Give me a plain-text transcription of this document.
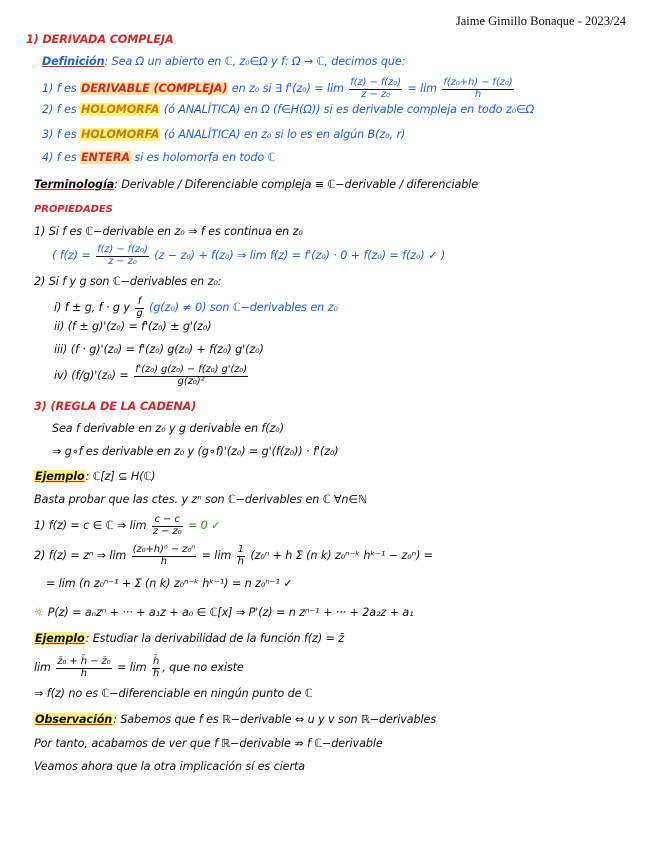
Jaime Gimillo Bonaque - 2023/24
1) DERIVADA COMPLEJA
Definición: Sea Ω un abierto en ℂ, z₀∈Ω y f: Ω → ℂ, decimos que:
1) f es DERIVABLE (COMPLEJA) en z₀ si ∃ $f'(z_0) = \lim \frac{\text{f(z) − f(z₀)}}{\text{z − z₀}} = \lim \frac{\text{f(z₀+h) − f(z₀)}}{h}$
2) f es HOLOMORFA (ó ANALÍTICA) en Ω (f∈H(Ω)) si es derivable compleja en todo z₀∈Ω
3) f es HOLOMORFA (ó ANALÍTICA) en z₀ si lo es en algún B(z₀, r)
4) f es ENTERA si es holomorfa en todo ℂ
Terminología: Derivable / Diferenciable compleja ≡ ℂ−derivable / diferenciable
PROPIEDADES
1) Si f es ℂ−derivable en z₀ ⇒ f es continua en z₀
( $f(z) = \frac{\text{f(z) − f(z₀)}}{\text{z − z₀}} (z - z_0) + f(z_0)$ ⇒ lim f(z) = f'(z₀) · 0 + f(z₀) = f(z₀) ✓ )
2) Si f y g son ℂ−derivables en z₀:
i) f ± g, f · g y $\frac{f}{g} (g(z_0) \ne 0)$ son ℂ−derivables en z₀
ii) (f ± g)'(z₀) = f'(z₀) ± g'(z₀)
iii) (f · g)'(z₀) = f'(z₀) g(z₀) + f(z₀) g'(z₀)
iv) $(f/g)'(z_0) = \frac{\text{f'(z₀) g(z₀) − f(z₀) g'(z₀)}}{\text{g(z₀)²}}$
3) (REGLA DE LA CADENA)
Sea f derivable en z₀ y g derivable en f(z₀)
⇒ g∘f es derivable en z₀ y (g∘f)'(z₀) = g'(f(z₀)) · f'(z₀)
Ejemplo: ℂ[z] ⊆ H(ℂ)
Basta probar que las ctes. y zⁿ son ℂ−derivables en ℂ ∀n∈ℕ
1) f(z) = c ∈ ℂ ⇒ $\lim \frac{c - c}{\text{z − z₀}} = 0$ ✓
2) f(z) = zⁿ ⇒ $\lim \frac{\text{(z₀+h)ⁿ − z₀ⁿ}}{h} = \lim \frac{1}{h} (z_0^n + h$ Σ (n k) z₀ⁿ⁻ᵏ hᵏ⁻¹ − z₀ⁿ) =
= lim (n z₀ⁿ⁻¹ + Σ (n k) z₀ⁿ⁻ᵏ hᵏ⁻¹) = n z₀ⁿ⁻¹ ✓
☼ P(z) = aₙzⁿ + ··· + a₁z + a₀ ∈ ℂ[x] ⇒ P'(z) = n zⁿ⁻¹ + ··· + 2a₂z + a₁
Ejemplo: Estudiar la derivabilidad de la función f(z) = z̄
$\lim \frac{\text{z̄₀ + h̄ − z̄₀}}{h} = \lim \frac{h̄}{h}$ , que no existe
⇒ f(z) no es ℂ−diferenciable en ningún punto de ℂ
Observación: Sabemos que f es ℝ−derivable ⇔ u y v son ℝ−derivables
Por tanto, acabamos de ver que f ℝ−derivable ⇏ f ℂ−derivable
Veamos ahora que la otra implicación sí es cierta
